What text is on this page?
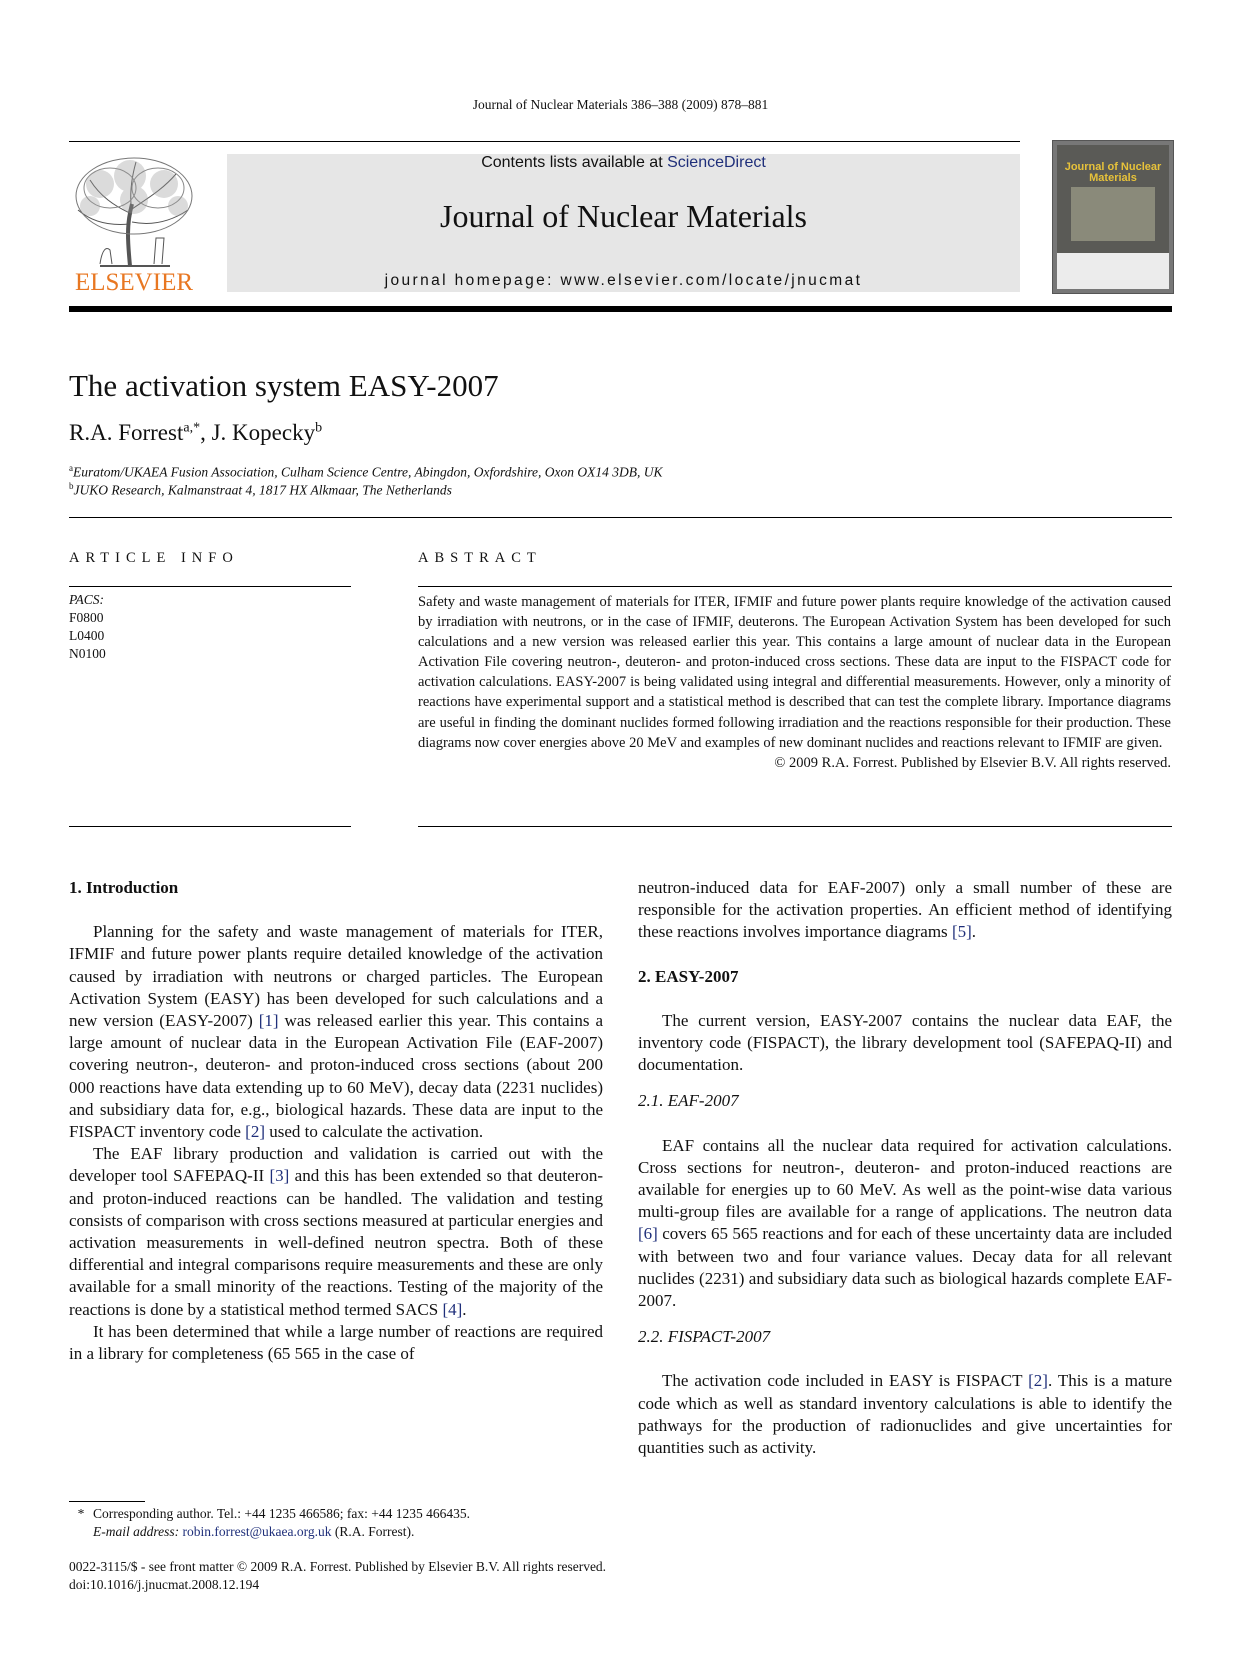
Journal of Nuclear Materials 386–388 (2009) 878–881
ELSEVIER
Contents lists available at ScienceDirect
Journal of Nuclear Materials
journal homepage: www.elsevier.com/locate/jnucmat
Journal of Nuclear Materials
The activation system EASY-2007
R.A. Forrest$^{a,*}$, J. Kopecky$^b$
$^a$Euratom/UKAEA Fusion Association, Culham Science Centre, Abingdon, Oxfordshire, Oxon OX14 3DB, UK
$^b$JUKO Research, Kalmanstraat 4, 1817 HX Alkmaar, The Netherlands
ARTICLE INFO
PACS:
F0800
L0400
N0100
ABSTRACT

Safety and waste management of materials for ITER, IFMIF and future power plants require knowledge of the activation caused by irradiation with neutrons, or in the case of IFMIF, deuterons. The European Activation System has been developed for such calculations and a new version was released earlier this year. This contains a large amount of nuclear data in the European Activation File covering neutron-, deuteron- and proton-induced cross sections. These data are input to the FISPACT code for activation calculations. EASY-2007 is being validated using integral and differential measurements. However, only a minority of reactions have experimental support and a statistical method is described that can test the complete library. Importance diagrams are useful in finding the dominant nuclides formed following irradiation and the reactions responsible for their production. These diagrams now cover energies above 20 MeV and examples of new dominant nuclides and reactions relevant to IFMIF are given.

© 2009 R.A. Forrest. Published by Elsevier B.V. All rights reserved.

1. Introduction

Planning for the safety and waste management of materials for ITER, IFMIF and future power plants require detailed knowledge of the activation caused by irradiation with neutrons or charged particles. The European Activation System (EASY) has been developed for such calculations and a new version (EASY-2007) [1] was released earlier this year. This contains a large amount of nuclear data in the European Activation File (EAF-2007) covering neutron-, deuteron- and proton-induced cross sections (about 200 000 reactions have data extending up to 60 MeV), decay data (2231 nuclides) and subsidiary data for, e.g., biological hazards. These data are input to the FISPACT inventory code [2] used to calculate the activation.

The EAF library production and validation is carried out with the developer tool SAFEPAQ-II [3] and this has been extended so that deuteron- and proton-induced reactions can be handled. The validation and testing consists of comparison with cross sections measured at particular energies and activation measurements in well-defined neutron spectra. Both of these differential and integral comparisons require measurements and these are only available for a small minority of the reactions. Testing of the majority of the reactions is done by a statistical method termed SACS [4].

It has been determined that while a large number of reactions are required in a library for completeness (65 565 in the case of

neutron-induced data for EAF-2007) only a small number of these are responsible for the activation properties. An efficient method of identifying these reactions involves importance diagrams [5].

2. EASY-2007

The current version, EASY-2007 contains the nuclear data EAF, the inventory code (FISPACT), the library development tool (SAFEPAQ-II) and documentation.

2.1. EAF-2007

EAF contains all the nuclear data required for activation calculations. Cross sections for neutron-, deuteron- and proton-induced reactions are available for energies up to 60 MeV. As well as the point-wise data various multi-group files are available for a range of applications. The neutron data [6] covers 65 565 reactions and for each of these uncertainty data are included with between two and four variance values. Decay data for all relevant nuclides (2231) and subsidiary data such as biological hazards complete EAF-2007.

2.2. FISPACT-2007

The activation code included in EASY is FISPACT [2]. This is a mature code which as well as standard inventory calculations is able to identify the pathways for the production of radionuclides and give uncertainties for quantities such as activity.

* Corresponding author. Tel.: +44 1235 466586; fax: +44 1235 466435.
E-mail address: robin.forrest@ukaea.org.uk (R.A. Forrest).
0022-3115/$ - see front matter © 2009 R.A. Forrest. Published by Elsevier B.V. All rights reserved.
doi:10.1016/j.jnucmat.2008.12.194
